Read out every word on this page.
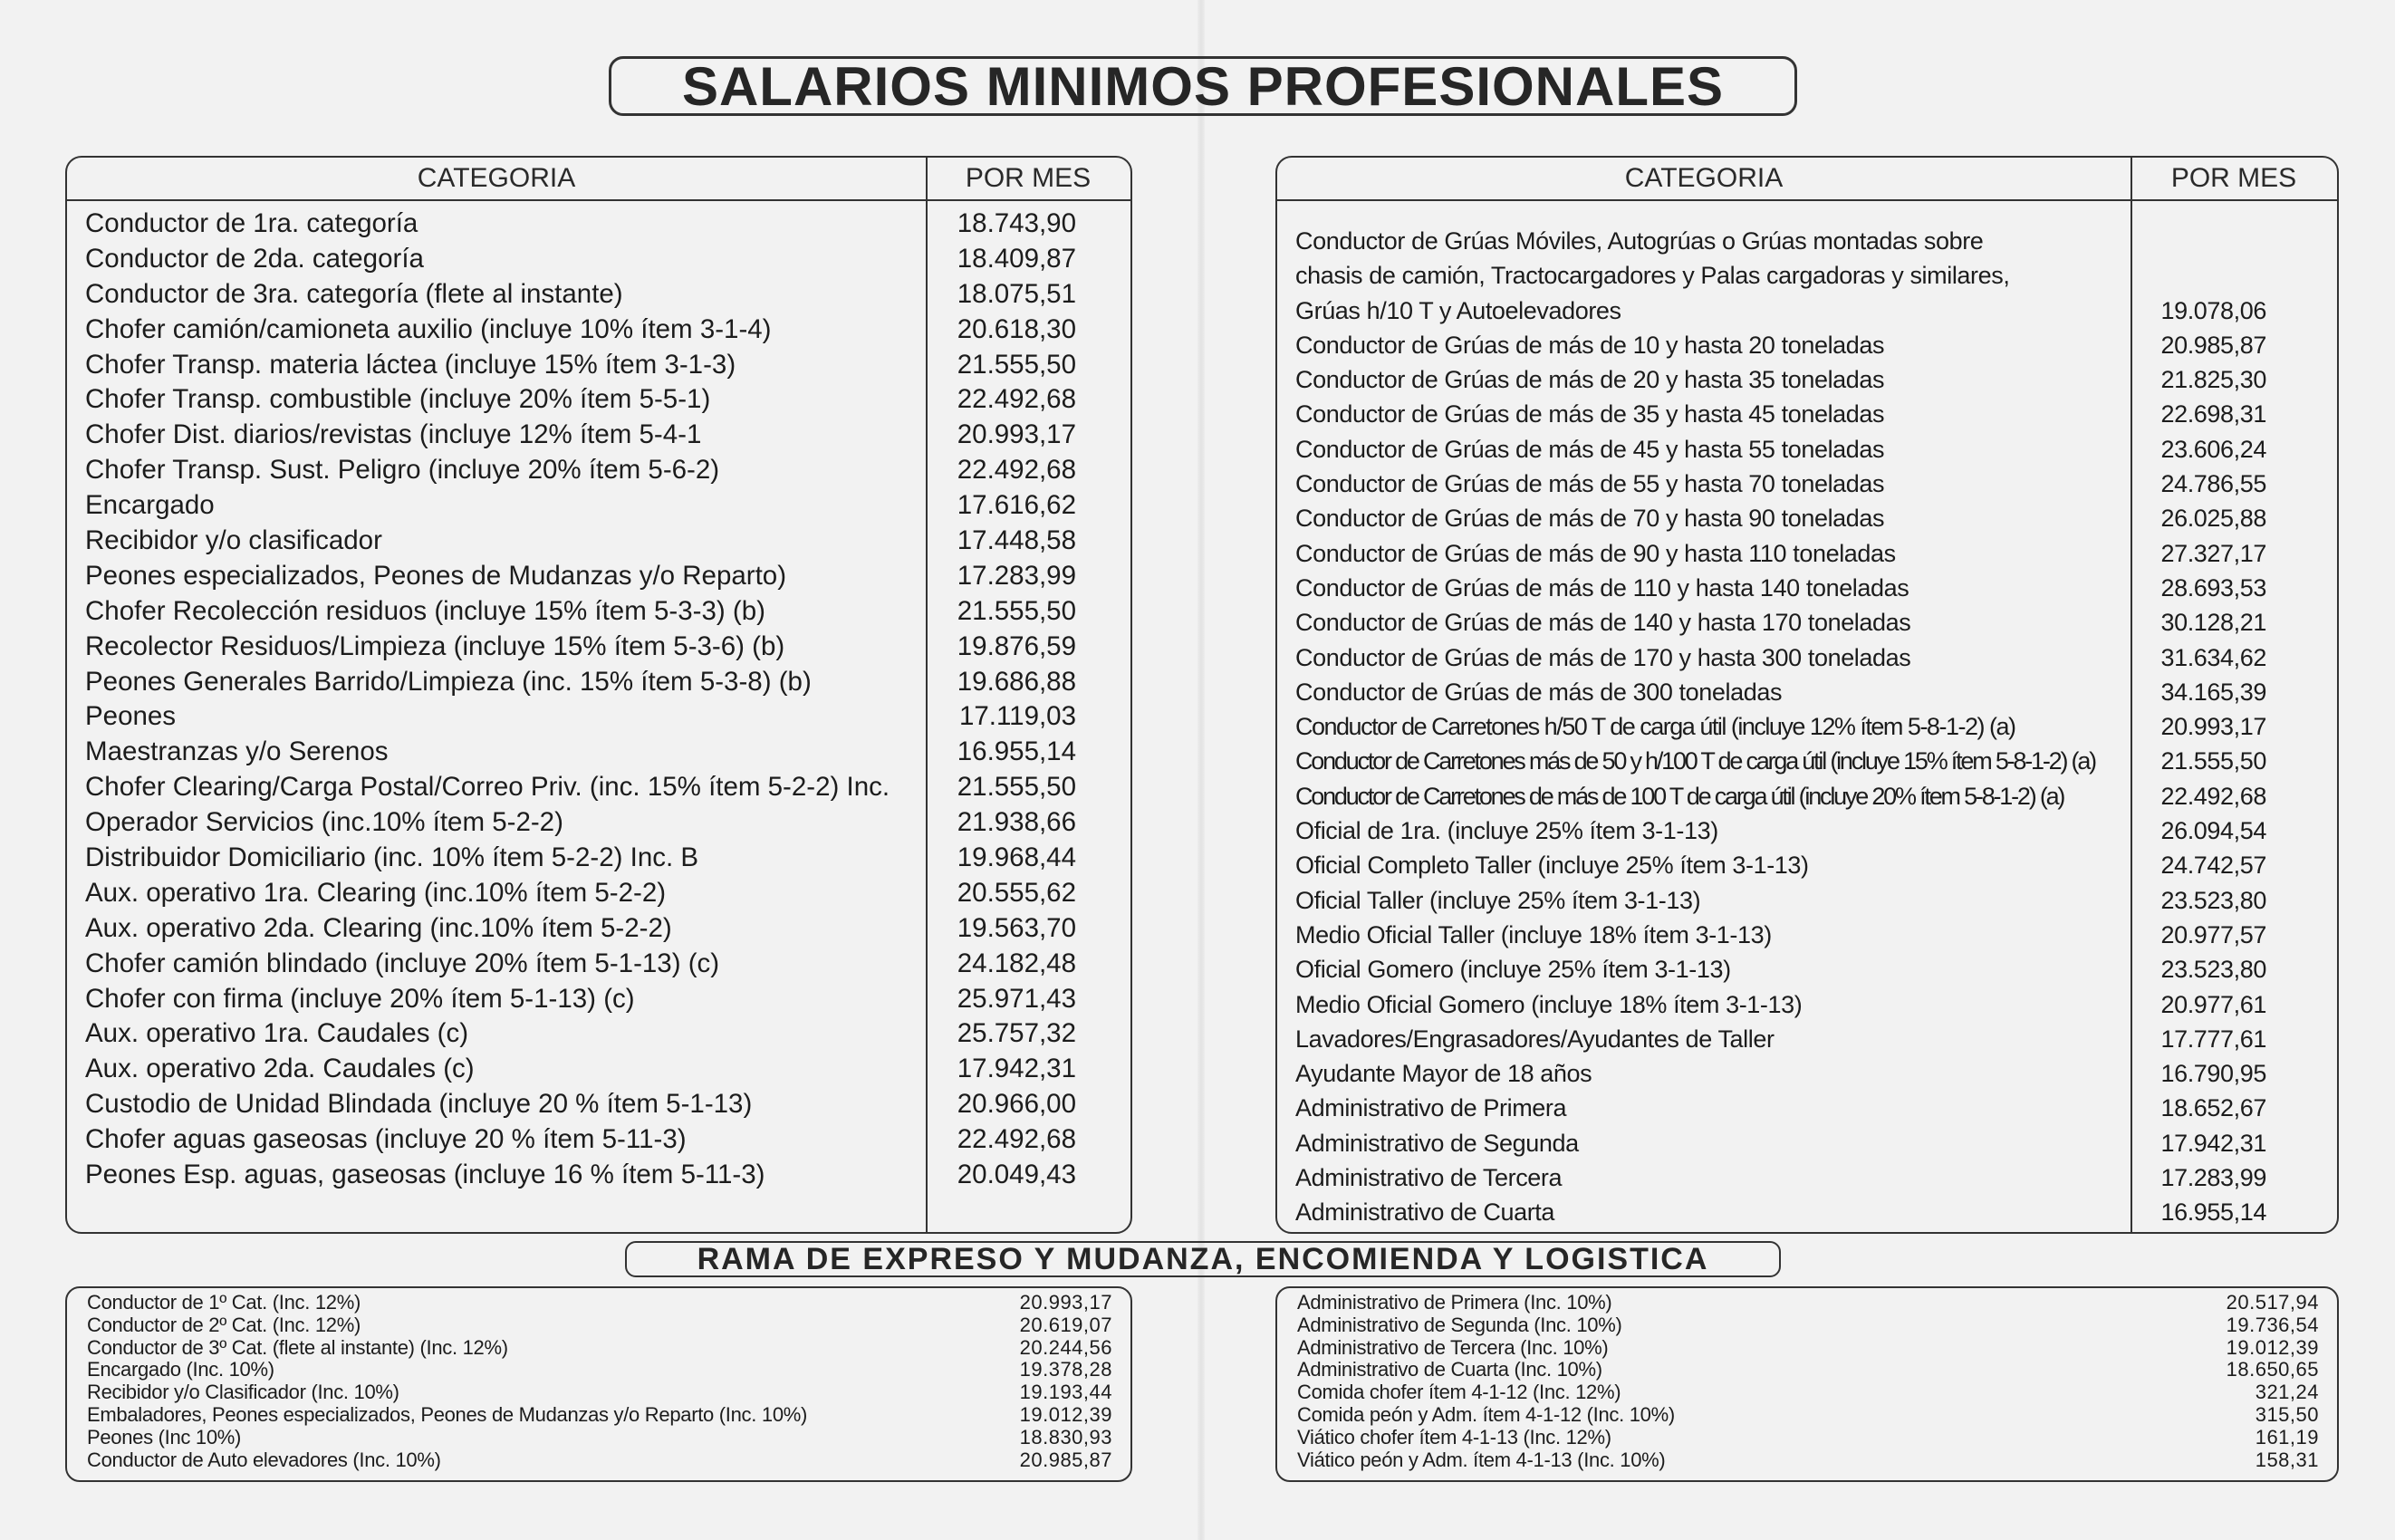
SALARIOS MINIMOS PROFESIONALES
CATEGORIA	POR MES
Conductor de 1ra. categoría	18.743,90
Conductor de 2da. categoría	18.409,87
Conductor de 3ra. categoría (flete al instante)	18.075,51
Chofer camión/camioneta auxilio (incluye 10% ítem 3-1-4)	20.618,30
Chofer Transp. materia láctea (incluye 15% ítem 3-1-3)	21.555,50
Chofer Transp. combustible (incluye 20% ítem 5-5-1)	22.492,68
Chofer Dist. diarios/revistas (incluye 12% ítem 5-4-1	20.993,17
Chofer Transp. Sust. Peligro (incluye 20% ítem 5-6-2)	22.492,68
Encargado	17.616,62
Recibidor y/o clasificador	17.448,58
Peones especializados, Peones de Mudanzas y/o Reparto)	17.283,99
Chofer Recolección residuos (incluye 15% ítem 5-3-3) (b)	21.555,50
Recolector Residuos/Limpieza (incluye 15% ítem 5-3-6) (b)	19.876,59
Peones Generales Barrido/Limpieza (inc. 15% ítem 5-3-8) (b)	19.686,88
Peones	17.119,03
Maestranzas y/o Serenos	16.955,14
Chofer Clearing/Carga Postal/Correo Priv. (inc. 15% ítem 5-2-2) Inc.	21.555,50
Operador Servicios (inc.10% ítem 5-2-2)	21.938,66
Distribuidor Domiciliario (inc. 10% ítem 5-2-2) Inc. B	19.968,44
Aux. operativo 1ra. Clearing (inc.10% ítem 5-2-2)	20.555,62
Aux. operativo 2da. Clearing (inc.10% ítem 5-2-2)	19.563,70
Chofer camión blindado (incluye 20% ítem 5-1-13) (c)	24.182,48
Chofer con firma (incluye 20% ítem 5-1-13) (c)	25.971,43
Aux. operativo 1ra. Caudales (c)	25.757,32
Aux. operativo 2da. Caudales (c)	17.942,31
Custodio de Unidad Blindada (incluye 20 % ítem 5-1-13)	20.966,00
Chofer aguas gaseosas (incluye 20 % ítem 5-11-3)	22.492,68
Peones Esp. aguas, gaseosas (incluye 16 % ítem 5-11-3)	20.049,43
CATEGORIA	POR MES
Conductor de Grúas Móviles, Autogrúas o Grúas montadas sobre
chasis de camión, Tractocargadores y Palas cargadoras y similares,
Grúas h/10 T y Autoelevadores	19.078,06
Conductor de Grúas de más de 10 y hasta 20 toneladas	20.985,87
Conductor de Grúas de más de 20 y hasta 35 toneladas	21.825,30
Conductor de Grúas de más de 35 y hasta 45 toneladas	22.698,31
Conductor de Grúas de más de 45 y hasta 55 toneladas	23.606,24
Conductor de Grúas de más de 55 y hasta 70 toneladas	24.786,55
Conductor de Grúas de más de 70 y hasta 90 toneladas	26.025,88
Conductor de Grúas de más de 90 y hasta 110 toneladas	27.327,17
Conductor de Grúas de más de 110 y hasta 140 toneladas	28.693,53
Conductor de Grúas de más de 140 y hasta 170 toneladas	30.128,21
Conductor de Grúas de más de 170 y hasta 300 toneladas	31.634,62
Conductor de Grúas de más de 300 toneladas	34.165,39
Conductor de Carretones h/50 T de carga útil (incluye 12% ítem 5-8-1-2) (a)	20.993,17
Conductor de Carretones más de 50 y h/100 T de carga útil (incluye 15% ítem 5-8-1-2) (a)	21.555,50
Conductor de Carretones de más de 100 T de carga útil (incluye 20% ítem 5-8-1-2) (a)	22.492,68
Oficial de 1ra. (incluye 25% ítem 3-1-13)	26.094,54
Oficial Completo Taller (incluye 25% ítem 3-1-13)	24.742,57
Oficial Taller (incluye 25% ítem 3-1-13)	23.523,80
Medio Oficial Taller (incluye 18% ítem 3-1-13)	20.977,57
Oficial Gomero (incluye 25% ítem 3-1-13)	23.523,80
Medio Oficial Gomero (incluye 18% ítem 3-1-13)	20.977,61
Lavadores/Engrasadores/Ayudantes de Taller	17.777,61
Ayudante Mayor de 18 años	16.790,95
Administrativo de Primera	18.652,67
Administrativo de Segunda	17.942,31
Administrativo de Tercera	17.283,99
Administrativo de Cuarta	16.955,14
RAMA DE EXPRESO Y MUDANZA, ENCOMIENDA Y LOGISTICA
Conductor de 1º Cat. (Inc. 12%)	20.993,17
Conductor de 2º Cat. (Inc. 12%)	20.619,07
Conductor de 3º Cat. (flete al instante) (Inc. 12%)	20.244,56
Encargado (Inc. 10%)	19.378,28
Recibidor y/o Clasificador (Inc. 10%)	19.193,44
Embaladores, Peones especializados, Peones de Mudanzas y/o Reparto (Inc. 10%)	19.012,39
Peones (Inc 10%)	18.830,93
Conductor de Auto elevadores (Inc. 10%)	20.985,87
Administrativo de Primera (Inc. 10%)	20.517,94
Administrativo de Segunda (Inc. 10%)	19.736,54
Administrativo de Tercera (Inc. 10%)	19.012,39
Administrativo de Cuarta (Inc. 10%)	18.650,65
Comida chofer ítem 4-1-12 (Inc. 12%)	321,24
Comida peón y Adm. ítem 4-1-12 (Inc. 10%)	315,50
Viático chofer ítem 4-1-13 (Inc. 12%)	161,19
Viático peón y Adm. ítem 4-1-13 (Inc. 10%)	158,31
